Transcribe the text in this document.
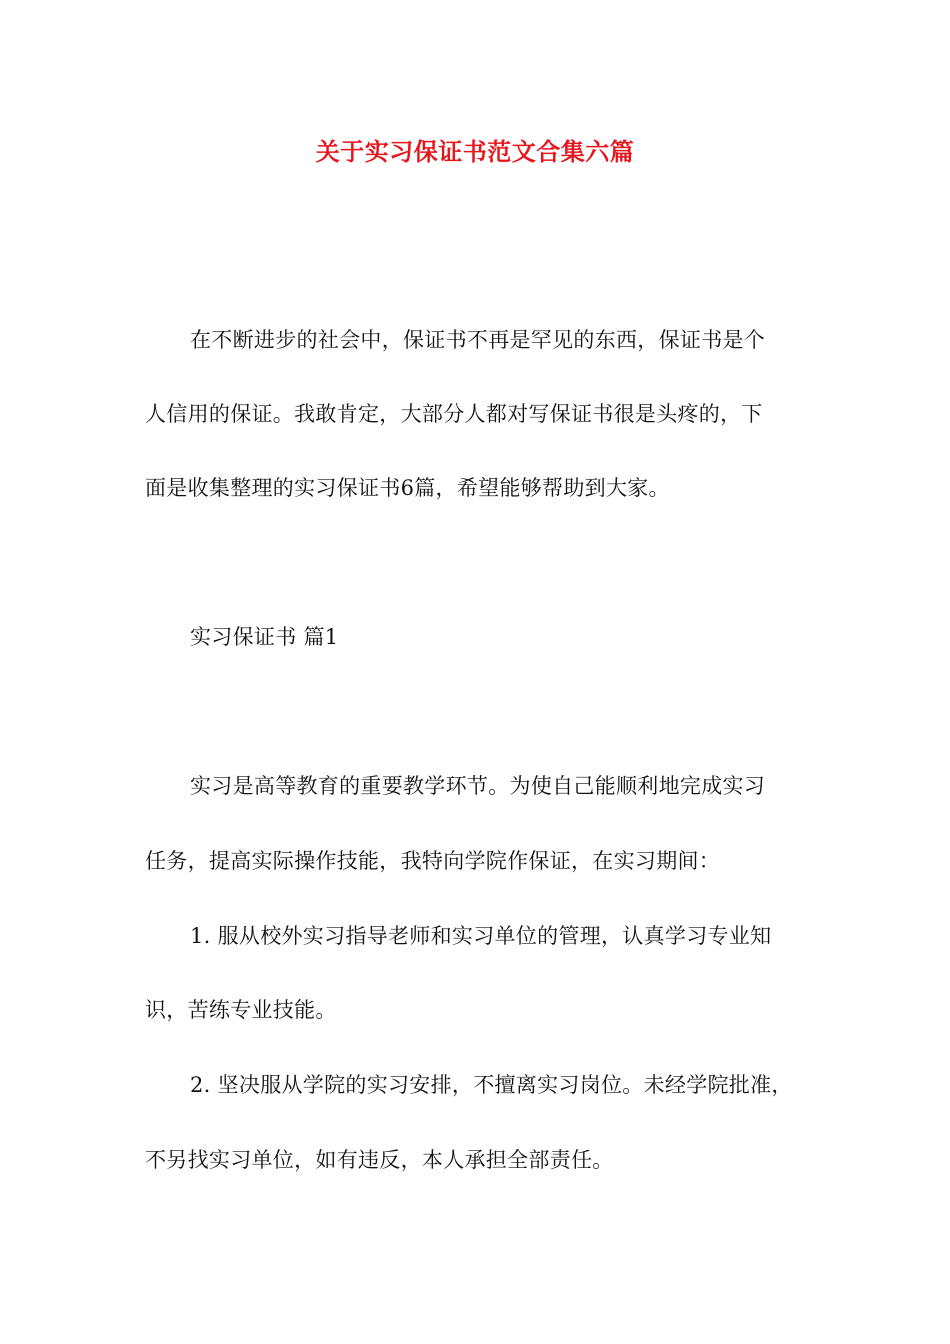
关于实习保证书范文合集六篇
在不断进步的社会中，保证书不再是罕见的东西，保证书是个
人信用的保证。我敢肯定，大部分人都对写保证书很是头疼的，下
面是收集整理的实习保证书6篇，希望能够帮助到大家。
实习保证书 篇1
实习是高等教育的重要教学环节。为使自己能顺利地完成实习
任务，提高实际操作技能，我特向学院作保证，在实习期间：
1. 服从校外实习指导老师和实习单位的管理，认真学习专业知
识，苦练专业技能。
2. 坚决服从学院的实习安排，不擅离实习岗位。未经学院批准，
不另找实习单位，如有违反，本人承担全部责任。
